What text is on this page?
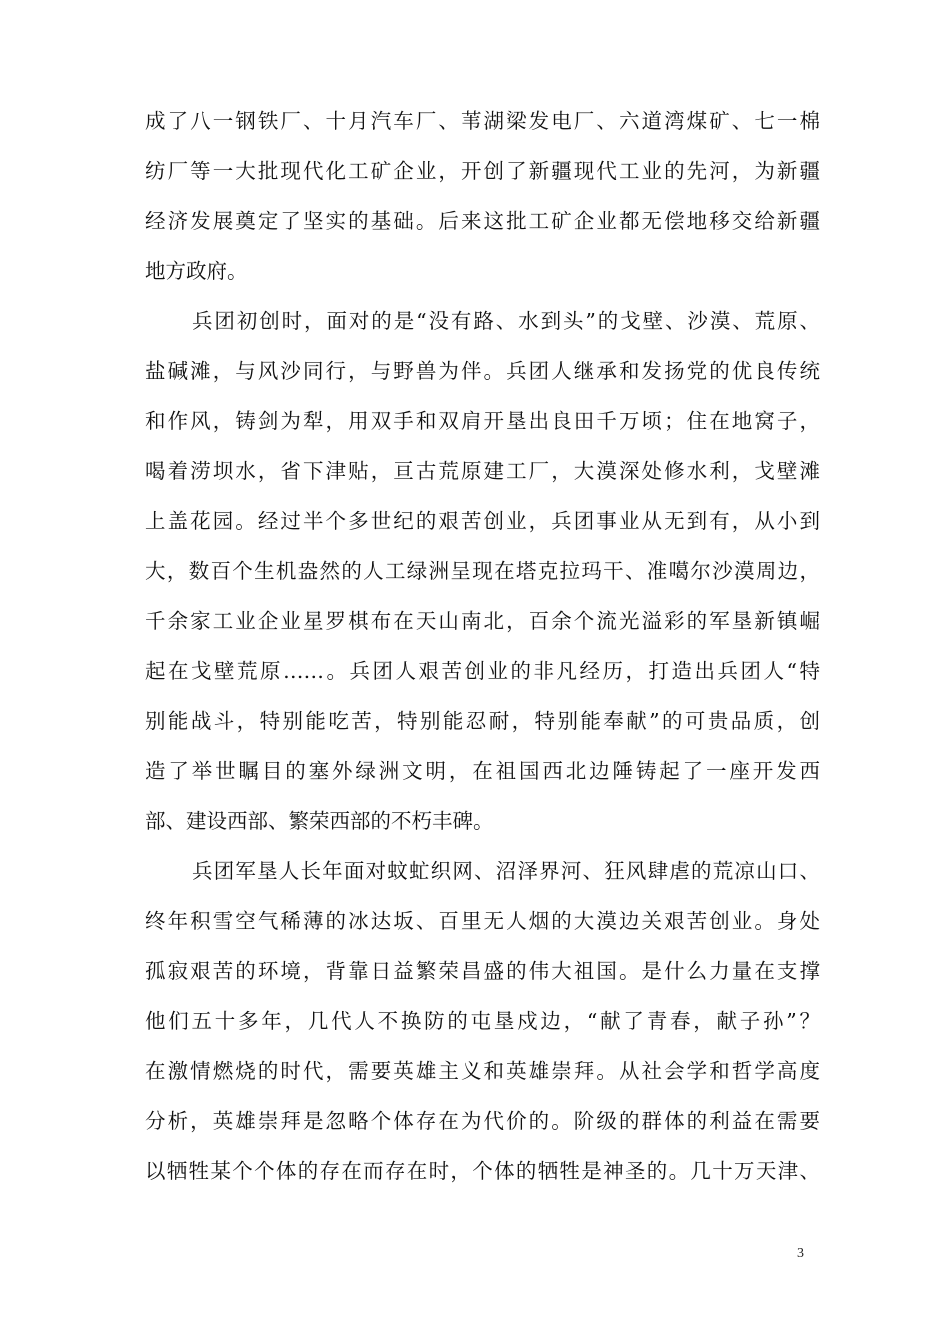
成了八一钢铁厂、十月汽车厂、苇湖梁发电厂、六道湾煤矿、七一棉
纺厂等一大批现代化工矿企业，开创了新疆现代工业的先河，为新疆
经济发展奠定了坚实的基础。后来这批工矿企业都无偿地移交给新疆
地方政府。
兵团初创时，面对的是“没有路、水到头”的戈壁、沙漠、荒原、
盐碱滩，与风沙同行，与野兽为伴。兵团人继承和发扬党的优良传统
和作风，铸剑为犁，用双手和双肩开垦出良田千万顷；住在地窝子，
喝着涝坝水，省下津贴，亘古荒原建工厂，大漠深处修水利，戈壁滩
上盖花园。经过半个多世纪的艰苦创业，兵团事业从无到有，从小到
大，数百个生机盎然的人工绿洲呈现在塔克拉玛干、准噶尔沙漠周边，
千余家工业企业星罗棋布在天山南北，百余个流光溢彩的军垦新镇崛
起在戈壁荒原……。兵团人艰苦创业的非凡经历，打造出兵团人“特
别能战斗，特别能吃苦，特别能忍耐，特别能奉献”的可贵品质，创
造了举世瞩目的塞外绿洲文明，在祖国西北边陲铸起了一座开发西
部、建设西部、繁荣西部的不朽丰碑。
兵团军垦人长年面对蚊虻织网、沼泽界河、狂风肆虐的荒凉山口、
终年积雪空气稀薄的冰达坂、百里无人烟的大漠边关艰苦创业。身处
孤寂艰苦的环境，背靠日益繁荣昌盛的伟大祖国。是什么力量在支撑
他们五十多年，几代人不换防的屯垦戍边，“献了青春，献子孙”？
在激情燃烧的时代，需要英雄主义和英雄崇拜。从社会学和哲学高度
分析，英雄崇拜是忽略个体存在为代价的。阶级的群体的利益在需要
以牺牲某个个体的存在而存在时，个体的牺牲是神圣的。几十万天津、
3
